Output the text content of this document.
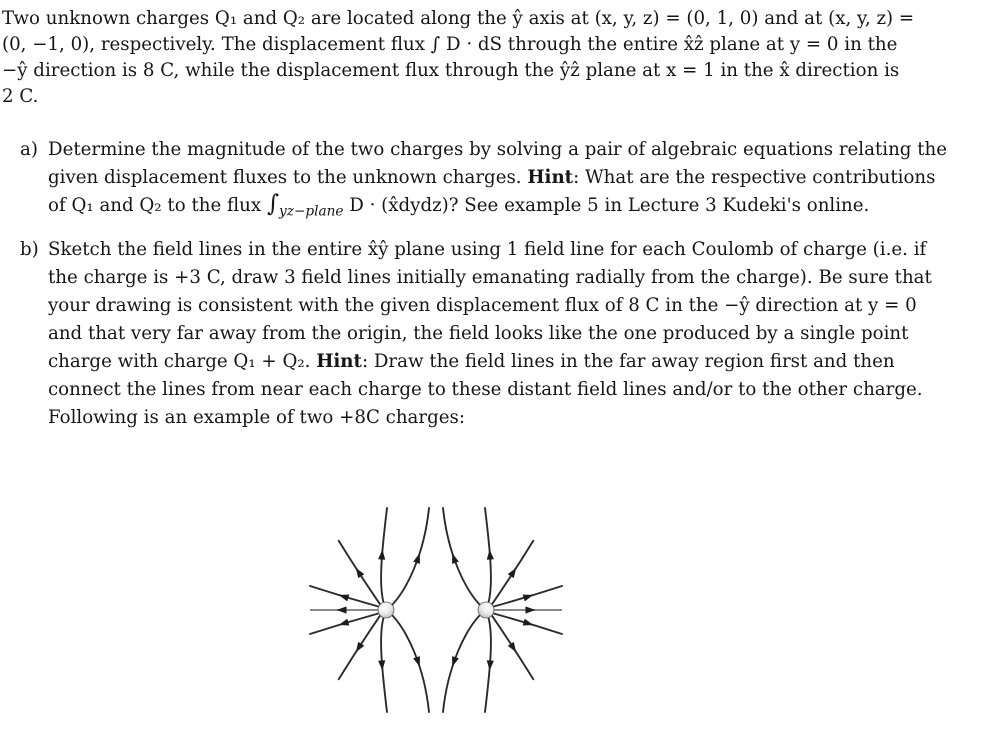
Two unknown charges Q₁ and Q₂ are located along the ŷ axis at (x, y, z) = (0, 1, 0) and at (x, y, z) =
(0, −1, 0), respectively. The displacement flux ∫ D · dS through the entire x̂ẑ plane at y = 0 in the
−ŷ direction is 8 C, while the displacement flux through the ŷẑ plane at x = 1 in the x̂ direction is
2 C.
a) Determine the magnitude of the two charges by solving a pair of algebraic equations relating the
given displacement fluxes to the unknown charges. Hint: What are the respective contributions
of Q₁ and Q₂ to the flux $\int_{yz-plane}$ D · (x̂dydz)? See example 5 in Lecture 3 Kudeki's online.
b) Sketch the field lines in the entire x̂ŷ plane using 1 field line for each Coulomb of charge (i.e. if
the charge is +3 C, draw 3 field lines initially emanating radially from the charge). Be sure that
your drawing is consistent with the given displacement flux of 8 C in the −ŷ direction at y = 0
and that very far away from the origin, the field looks like the one produced by a single point
charge with charge Q₁ + Q₂. Hint: Draw the field lines in the far away region first and then
connect the lines from near each charge to these distant field lines and/or to the other charge.
Following is an example of two +8C charges:
